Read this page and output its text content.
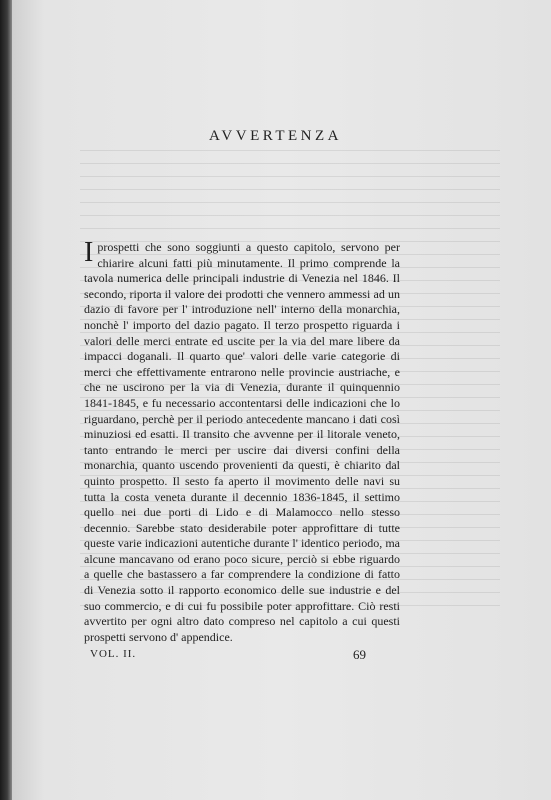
AVVERTENZA

I prospetti che sono soggiunti a questo capitolo, servono per chiarire alcuni fatti più minutamente. Il primo comprende la tavola numerica delle principali industrie di Venezia nel 1846. Il secondo, riporta il valore dei prodotti che vennero ammessi ad un dazio di favore per l' introduzione nell' interno della monarchia, nonchè l' importo del dazio pagato. Il terzo prospetto riguarda i valori delle merci entrate ed uscite per la via del mare libere da impacci doganali. Il quarto que' valori delle varie categorie di merci che effettivamente entrarono nelle provincie austriache, e che ne uscirono per la via di Venezia, durante il quinquennio 1841-1845, e fu necessario accontentarsi delle indicazioni che lo riguardano, perchè per il periodo antecedente mancano i dati così minuziosi ed esatti. Il transito che avvenne per il litorale veneto, tanto entrando le merci per uscire dai diversi confini della monarchia, quanto uscendo provenienti da questi, è chiarito dal quinto prospetto. Il sesto fa aperto il movimento delle navi su tutta la costa veneta durante il decennio 1836-1845, il settimo quello nei due porti di Lido e di Malamocco nello stesso decennio. Sarebbe stato desiderabile poter approfittare di tutte queste varie indicazioni autentiche durante l' identico periodo, ma alcune mancavano od erano poco sicure, perciò si ebbe riguardo a quelle che bastassero a far comprendere la condizione di fatto di Venezia sotto il rapporto economico delle sue industrie e del suo commercio, e di cui fu possibile poter approfittare. Ciò resti avvertito per ogni altro dato compreso nel capitolo a cui questi prospetti servono d' appendice.

VOL. II.	69
